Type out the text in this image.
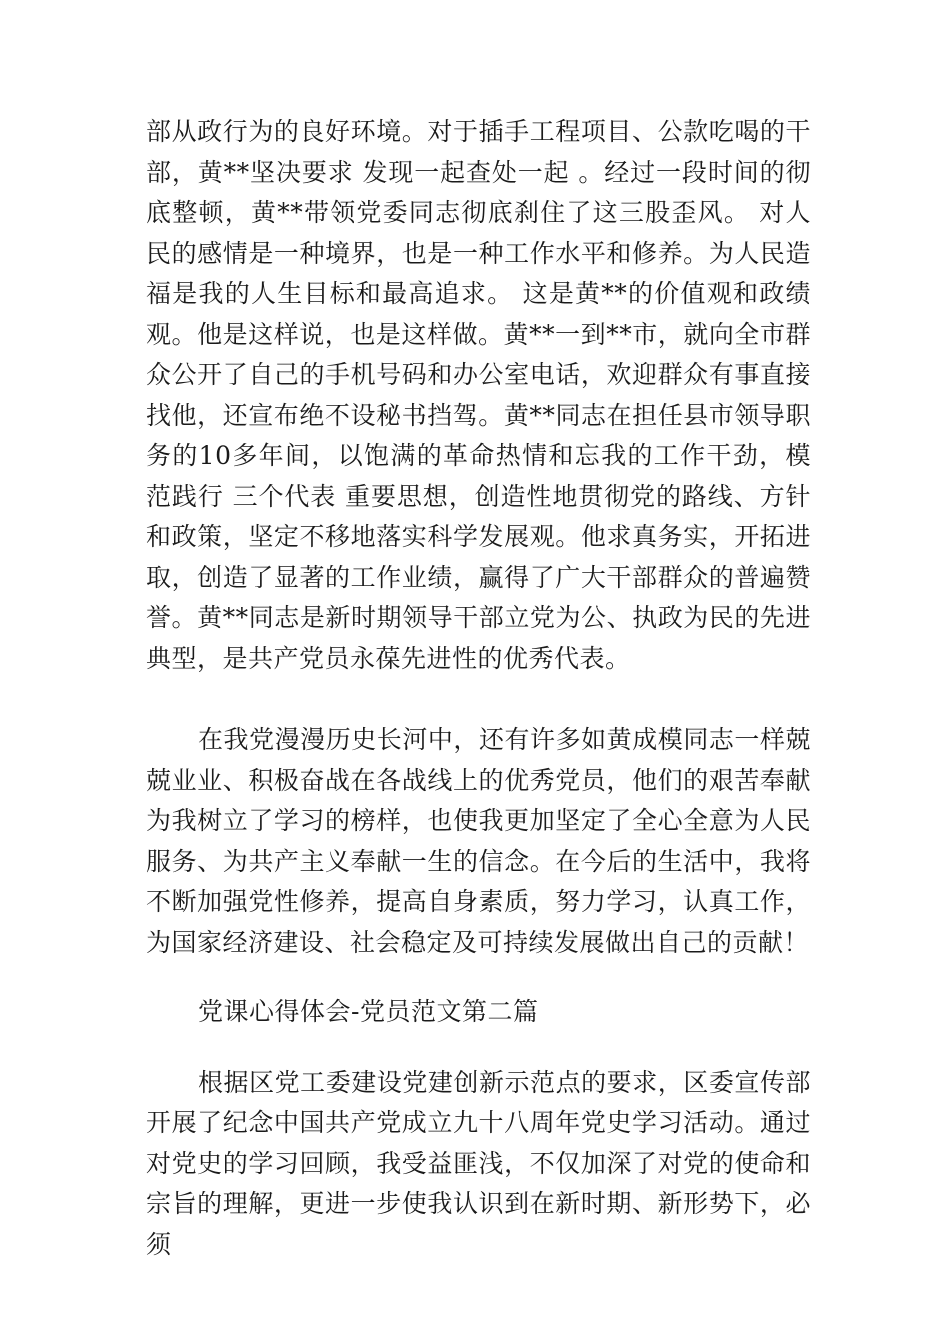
部从政行为的良好环境。对于插手工程项目、公款吃喝的干部，黄**坚决要求 发现一起查处一起 。经过一段时间的彻底整顿，黄**带领党委同志彻底刹住了这三股歪风。 对人民的感情是一种境界，也是一种工作水平和修养。为人民造福是我的人生目标和最高追求。 这是黄**的价值观和政绩观。他是这样说，也是这样做。黄**一到**市，就向全市群众公开了自己的手机号码和办公室电话，欢迎群众有事直接找他，还宣布绝不设秘书挡驾。黄**同志在担任县市领导职务的10多年间，以饱满的革命热情和忘我的工作干劲，模范践行 三个代表 重要思想，创造性地贯彻党的路线、方针和政策，坚定不移地落实科学发展观。他求真务实，开拓进取，创造了显著的工作业绩，赢得了广大干部群众的普遍赞誉。黄**同志是新时期领导干部立党为公、执政为民的先进典型，是共产党员永葆先进性的优秀代表。

在我党漫漫历史长河中，还有许多如黄成模同志一样兢兢业业、积极奋战在各战线上的优秀党员，他们的艰苦奉献为我树立了学习的榜样，也使我更加坚定了全心全意为人民服务、为共产主义奉献一生的信念。在今后的生活中，我将不断加强党性修养，提高自身素质，努力学习，认真工作，为国家经济建设、社会稳定及可持续发展做出自己的贡献！

党课心得体会-党员范文第二篇

根据区党工委建设党建创新示范点的要求，区委宣传部开展了纪念中国共产党成立九十八周年党史学习活动。通过对党史的学习回顾，我受益匪浅，不仅加深了对党的使命和宗旨的理解，更进一步使我认识到在新时期、新形势下，必须
